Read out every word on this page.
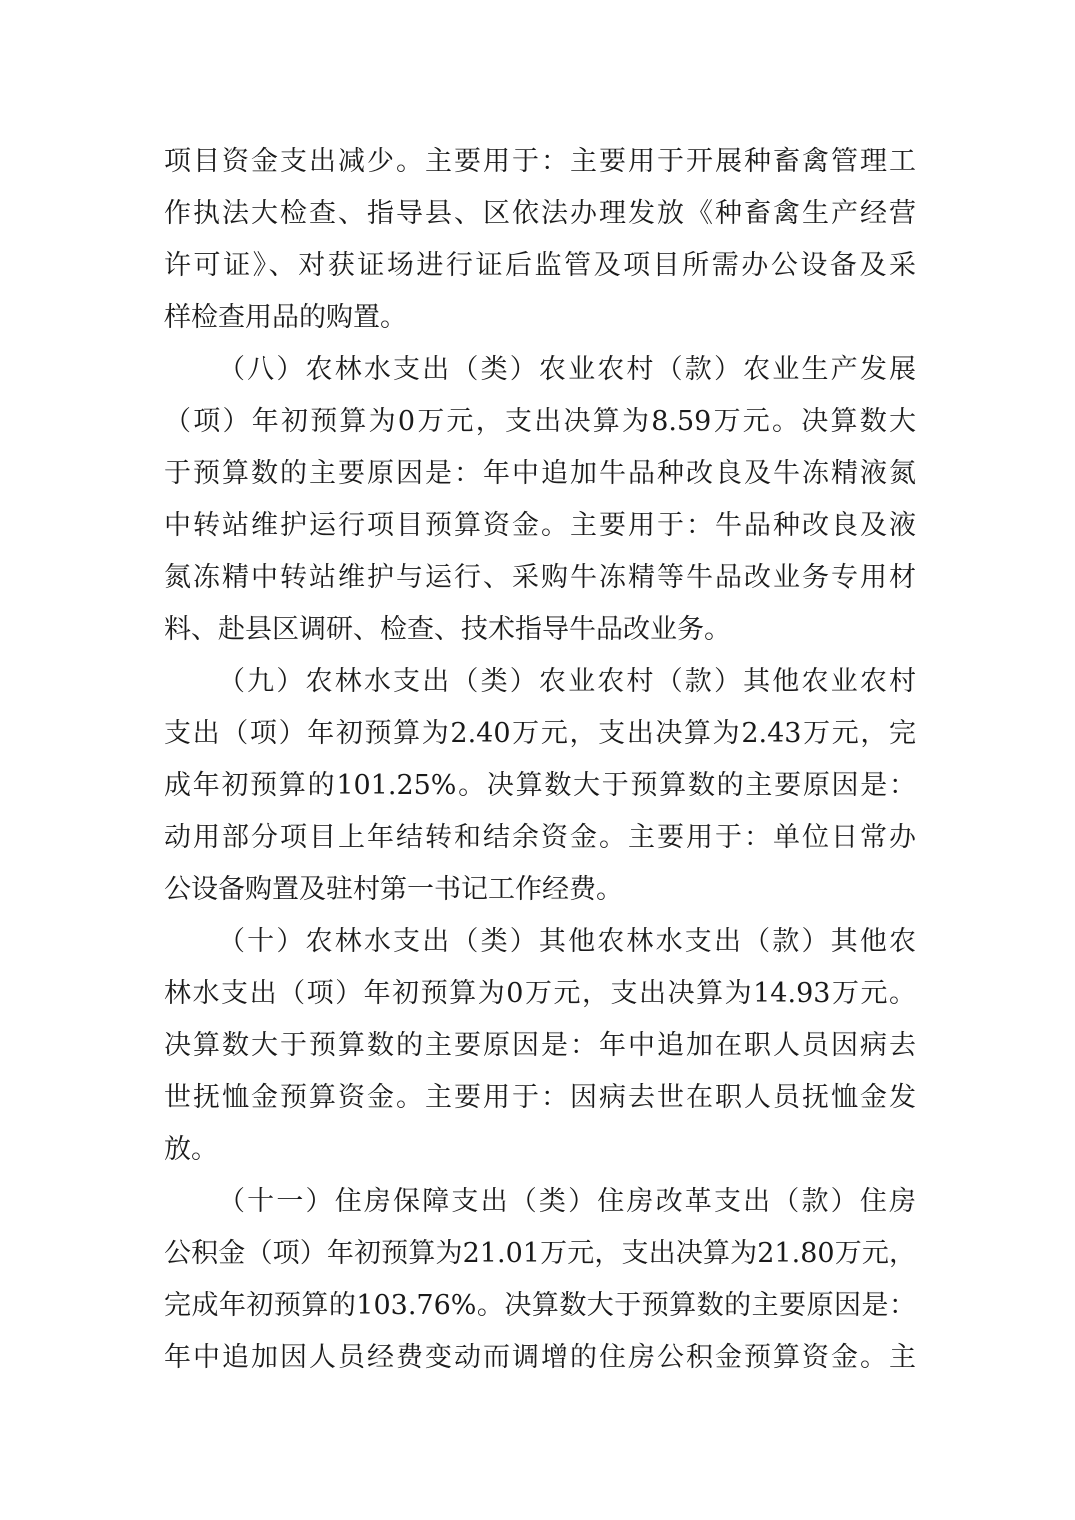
项目资金支出减少。主要用于：主要用于开展种畜禽管理工
作执法大检查、指导县、区依法办理发放《种畜禽生产经营
许可证》、对获证场进行证后监管及项目所需办公设备及采
样检查用品的购置。
（八）农林水支出（类）农业农村（款）农业生产发展
（项）年初预算为0万元，支出决算为8.59万元。决算数大
于预算数的主要原因是：年中追加牛品种改良及牛冻精液氮
中转站维护运行项目预算资金。主要用于：牛品种改良及液
氮冻精中转站维护与运行、采购牛冻精等牛品改业务专用材
料、赴县区调研、检查、技术指导牛品改业务。
（九）农林水支出（类）农业农村（款）其他农业农村
支出（项）年初预算为2.40万元，支出决算为2.43万元，完
成年初预算的101.25%。决算数大于预算数的主要原因是：
动用部分项目上年结转和结余资金。主要用于：单位日常办
公设备购置及驻村第一书记工作经费。
（十）农林水支出（类）其他农林水支出（款）其他农
林水支出（项）年初预算为0万元，支出决算为14.93万元。
决算数大于预算数的主要原因是：年中追加在职人员因病去
世抚恤金预算资金。主要用于：因病去世在职人员抚恤金发
放。
（十一）住房保障支出（类）住房改革支出（款）住房
公积金（项）年初预算为21.01万元，支出决算为21.80万元，
完成年初预算的103.76%。决算数大于预算数的主要原因是：
年中追加因人员经费变动而调增的住房公积金预算资金。主
